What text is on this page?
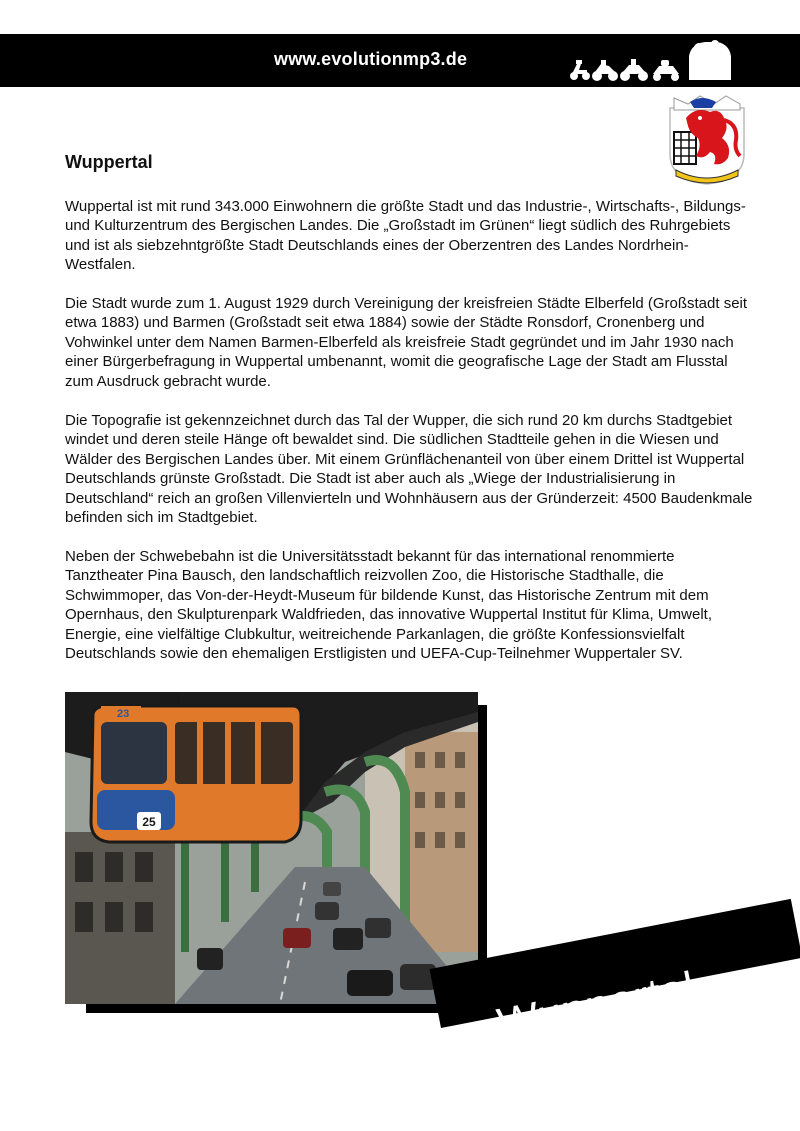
www.evolutionmp3.de
Wuppertal

Wuppertal ist mit rund 343.000 Einwohnern die größte Stadt und das Industrie-, Wirtschafts-, Bildungs- und Kulturzentrum des Bergischen Landes. Die „Großstadt im Grünen“ liegt südlich des Ruhrgebiets und ist als siebzehntgrößte Stadt Deutschlands eines der Oberzentren des Landes Nordrhein-Westfalen.

Die Stadt wurde zum 1. August 1929 durch Vereinigung der kreisfreien Städte Elberfeld (Großstadt seit etwa 1883) und Barmen (Großstadt seit etwa 1884) sowie der Städte Ronsdorf, Cronenberg und Vohwinkel unter dem Namen Barmen-Elberfeld als kreisfreie Stadt gegründet und im Jahr 1930 nach einer Bürgerbefragung in Wuppertal umbenannt, womit die geografische Lage der Stadt am Flusstal zum Ausdruck gebracht wurde.

Die Topografie ist gekennzeichnet durch das Tal der Wupper, die sich rund 20 km durchs Stadtgebiet windet und deren steile Hänge oft bewaldet sind. Die südlichen Stadtteile gehen in die Wiesen und Wälder des Bergischen Landes über. Mit einem Grünflächenanteil von über einem Drittel ist Wuppertal Deutschlands grünste Großstadt. Die Stadt ist aber auch als „Wiege der Industrialisierung in Deutschland“ reich an großen Villenvierteln und Wohnhäusern aus der Gründerzeit: 4500 Baudenkmale befinden sich im Stadtgebiet.

Neben der Schwebebahn ist die Universitätsstadt bekannt für das international renommierte Tanztheater Pina Bausch, den landschaftlich reizvollen Zoo, die Historische Stadthalle, die Schwimmoper, das Von-der-Heydt-Museum für bildende Kunst, das Historische Zentrum mit dem Opernhaus, den Skulpturenpark Waldfrieden, das innovative Wuppertal Institut für Klima, Umwelt, Energie, eine vielfältige Clubkultur, weitreichende Parkanlagen, die größte Konfessionsvielfalt Deutschlands sowie den ehemaligen Erstligisten und UEFA-Cup-Teilnehmer Wuppertaler SV.

23
25
Wuppertal
